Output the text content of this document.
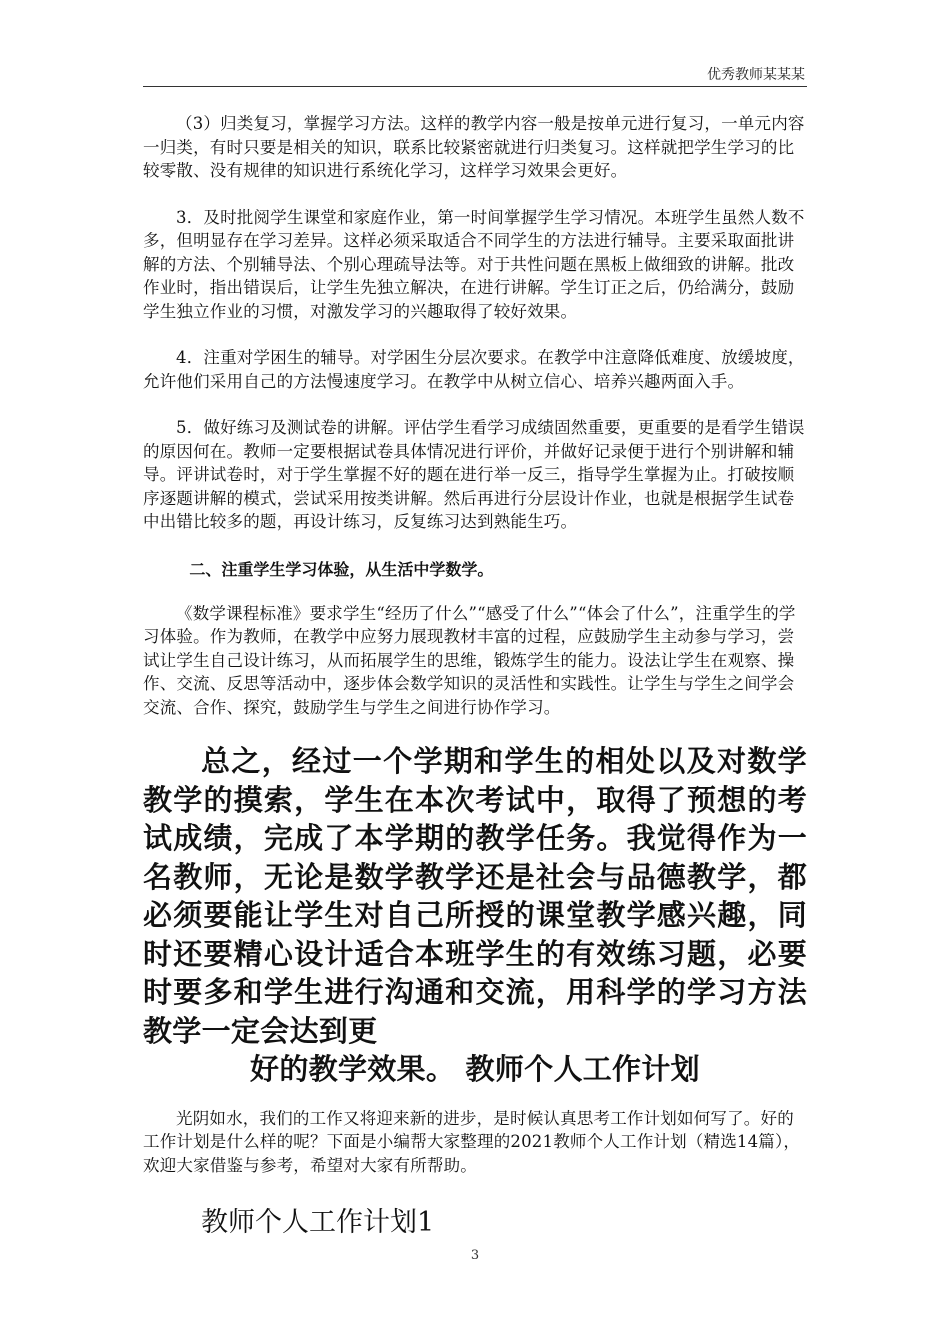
优秀教师某某某

（3）归类复习，掌握学习方法。这样的教学内容一般是按单元进行复习，一单元内容一归类，有时只要是相关的知识，联系比较紧密就进行归类复习。这样就把学生学习的比较零散、没有规律的知识进行系统化学习，这样学习效果会更好。

3．及时批阅学生课堂和家庭作业，第一时间掌握学生学习情况。本班学生虽然人数不多，但明显存在学习差异。这样必须采取适合不同学生的方法进行辅导。主要采取面批讲解的方法、个别辅导法、个别心理疏导法等。对于共性问题在黑板上做细致的讲解。批改作业时，指出错误后，让学生先独立解决，在进行讲解。学生订正之后，仍给满分，鼓励学生独立作业的习惯，对激发学习的兴趣取得了较好效果。

4．注重对学困生的辅导。对学困生分层次要求。在教学中注意降低难度、放缓坡度，允许他们采用自己的方法慢速度学习。在教学中从树立信心、培养兴趣两面入手。

5．做好练习及测试卷的讲解。评估学生看学习成绩固然重要，更重要的是看学生错误的原因何在。教师一定要根据试卷具体情况进行评价，并做好记录便于进行个别讲解和辅导。评讲试卷时，对于学生掌握不好的题在进行举一反三，指导学生掌握为止。打破按顺序逐题讲解的模式，尝试采用按类讲解。然后再进行分层设计作业，也就是根据学生试卷中出错比较多的题，再设计练习，反复练习达到熟能生巧。

二、注重学生学习体验，从生活中学数学。

《数学课程标准》要求学生“经历了什么”“感受了什么”“体会了什么”，注重学生的学习体验。作为教师，在教学中应努力展现教材丰富的过程，应鼓励学生主动参与学习，尝试让学生自己设计练习，从而拓展学生的思维，锻炼学生的能力。设法让学生在观察、操作、交流、反思等活动中，逐步体会数学知识的灵活性和实践性。让学生与学生之间学会交流、合作、探究，鼓励学生与学生之间进行协作学习。

总之，经过一个学期和学生的相处以及对数学教学的摸索，学生在本次考试中，取得了预想的考试成绩，完成了本学期的教学任务。我觉得作为一名教师，无论是数学教学还是社会与品德教学，都必须要能让学生对自己所授的课堂教学感兴趣，同时还要精心设计适合本班学生的有效练习题，必要时要多和学生进行沟通和交流，用科学的学习方法教学一定会达到更
好的教学效果。 教师个人工作计划

光阴如水，我们的工作又将迎来新的进步，是时候认真思考工作计划如何写了。好的工作计划是什么样的呢？下面是小编帮大家整理的2021教师个人工作计划（精选14篇），欢迎大家借鉴与参考，希望对大家有所帮助。

教师个人工作计划1
3
